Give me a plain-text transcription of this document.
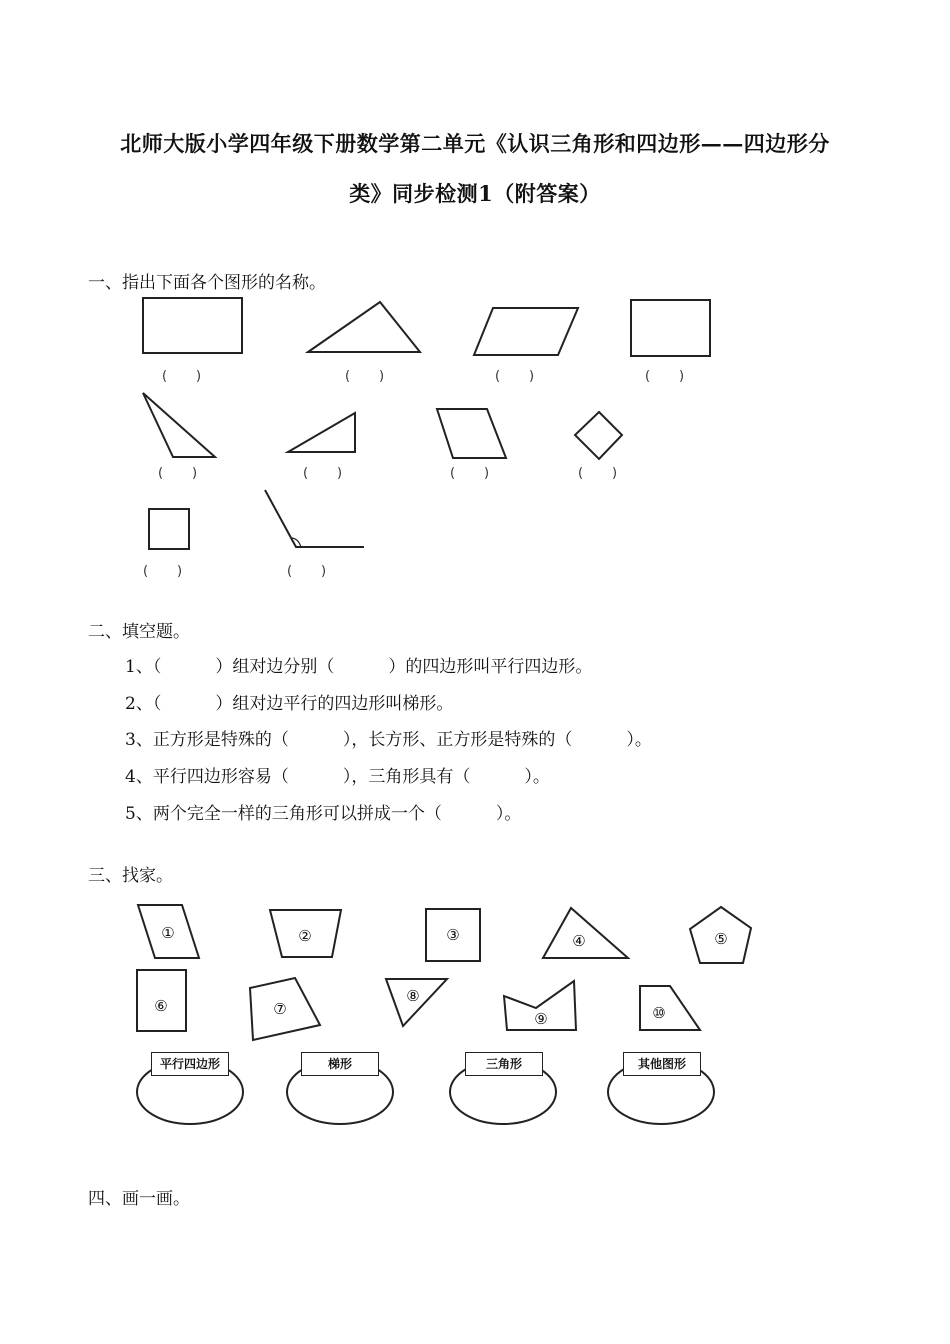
北师大版小学四年级下册数学第二单元《认识三角形和四边形——四边形分
类》同步检测1（附答案）
一、指出下面各个图形的名称。
(       )	(       )	(       )	(       )
(       )	(       )	(       )	(       )
(       )	(       )
二、填空题。
1、（          ）组对边分别（          ）的四边形叫平行四边形。
2、（          ）组对边平行的四边形叫梯形。
3、正方形是特殊的（          ），长方形、正方形是特殊的（          ）。
4、平行四边形容易（          ），三角形具有（          ）。
5、两个完全一样的三角形可以拼成一个（          ）。
三、找家。
①	②	③	④	⑤
⑥	⑦
⑧
⑨	⑩
平行四边形	梯形	三角形	其他图形
四、画一画。
